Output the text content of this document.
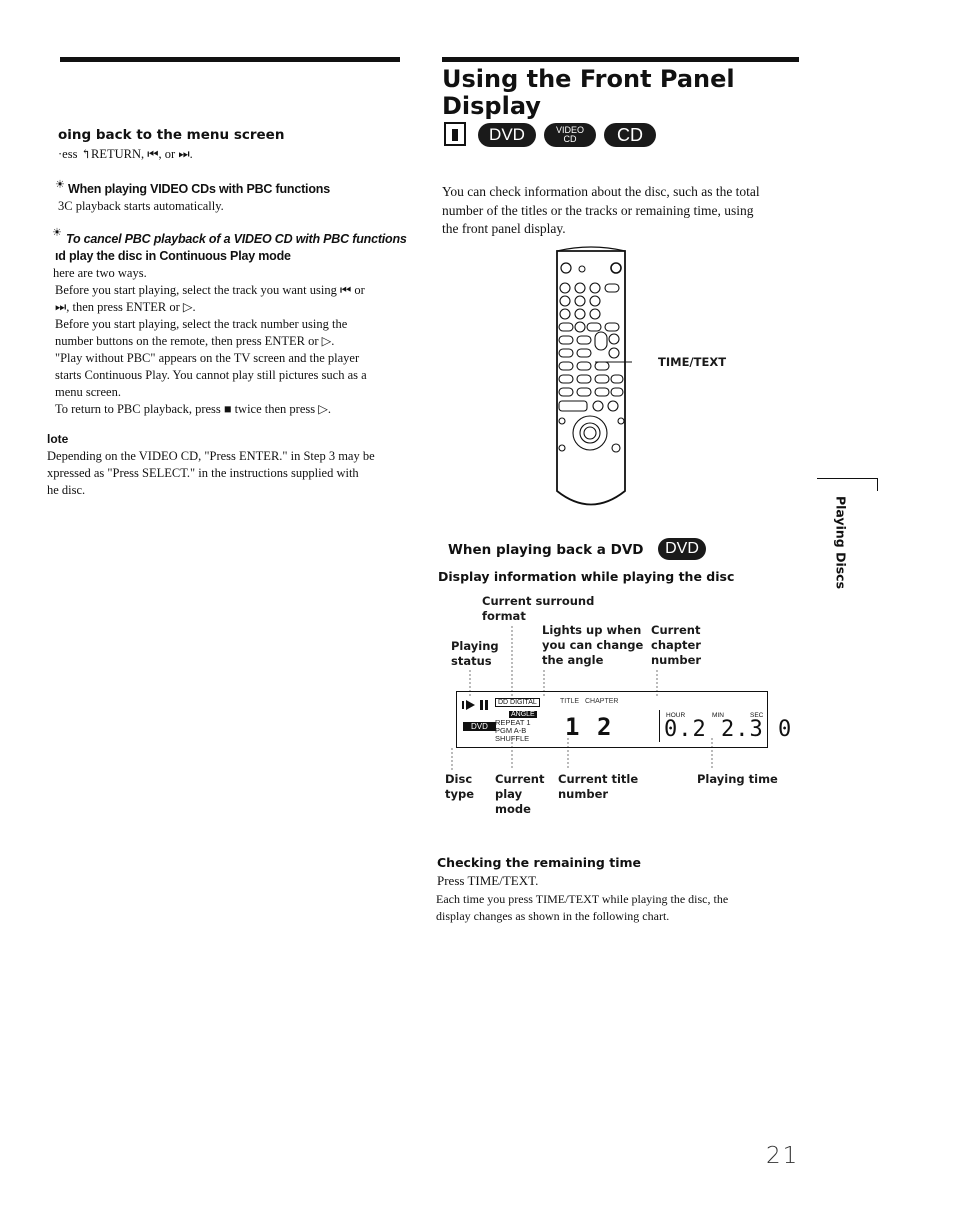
oing back to the menu screen
·ess ↰RETURN, ⏮, or ⏭.
☀ When playing VIDEO CDs with PBC functions
3C playback starts automatically.
☀ To cancel PBC playback of a VIDEO CD with PBC functions
ıd play the disc in Continuous Play mode
here are two ways.
Before you start playing, select the track you want using ⏮ or
⏭, then press ENTER or ▷.
Before you start playing, select the track number using the
number buttons on the remote, then press ENTER or ▷.
"Play without PBC" appears on the TV screen and the player
starts Continuous Play. You cannot play still pictures such as a
menu screen.
To return to PBC playback, press ■ twice then press ▷.
lote
Depending on the VIDEO CD, "Press ENTER." in Step 3 may be
xpressed as "Press SELECT." in the instructions supplied with
he disc.
Using the Front Panel
Display
DVD	VIDEO
CD CD
You can check information about the disc, such as the total
number of the titles or the tracks or remaining time, using
the front panel display.
TIME/TEXT
When playing back a DVD DVD
Display information while playing the disc
Current surround
format
Lights up when
you can change
the angle
Current
chapter
number
Playing
status
DD DIGITAL
ANGLE
DVD REPEAT 1
PGM A-B
SHUFFLE
TITLE CHAPTER
1 2	HOUR	MIN	SEC
0.2 2.3 0
Disc
type
Current
play
mode
Current title
number
Playing time
Checking the remaining time
Press TIME/TEXT.
Each time you press TIME/TEXT while playing the disc, the
display changes as shown in the following chart.
Playing Discs
21
